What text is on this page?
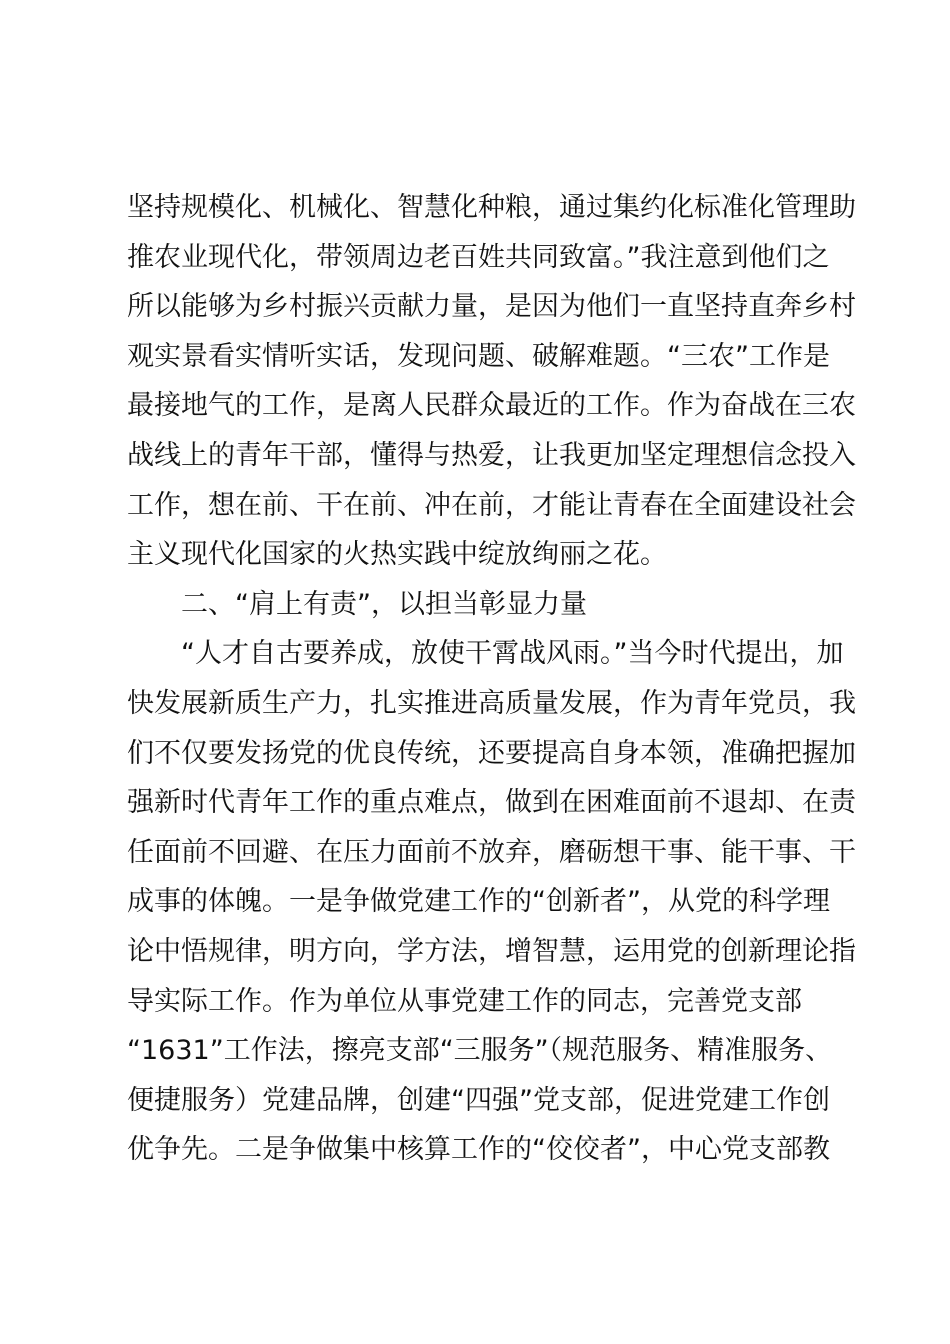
坚持规模化、机械化、智慧化种粮，通过集约化标准化管理助
推农业现代化，带领周边老百姓共同致富。”我注意到他们之
所以能够为乡村振兴贡献力量，是因为他们一直坚持直奔乡村
观实景看实情听实话，发现问题、破解难题。“三农”工作是
最接地气的工作，是离人民群众最近的工作。作为奋战在三农
战线上的青年干部，懂得与热爱，让我更加坚定理想信念投入
工作，想在前、干在前、冲在前，才能让青春在全面建设社会
主义现代化国家的火热实践中绽放绚丽之花。
二、“肩上有责”，以担当彰显力量
“人才自古要养成，放使干霄战风雨。”当今时代提出，加
快发展新质生产力，扎实推进高质量发展，作为青年党员，我
们不仅要发扬党的优良传统，还要提高自身本领，准确把握加
强新时代青年工作的重点难点，做到在困难面前不退却、在责
任面前不回避、在压力面前不放弃，磨砺想干事、能干事、干
成事的体魄。一是争做党建工作的“创新者”，从党的科学理
论中悟规律，明方向，学方法，增智慧，运用党的创新理论指
导实际工作。作为单位从事党建工作的同志，完善党支部
“1631”工作法，擦亮支部“三服务”（规范服务、精准服务、
便捷服务）党建品牌，创建“四强”党支部，促进党建工作创
优争先。二是争做集中核算工作的“佼佼者”，中心党支部教
